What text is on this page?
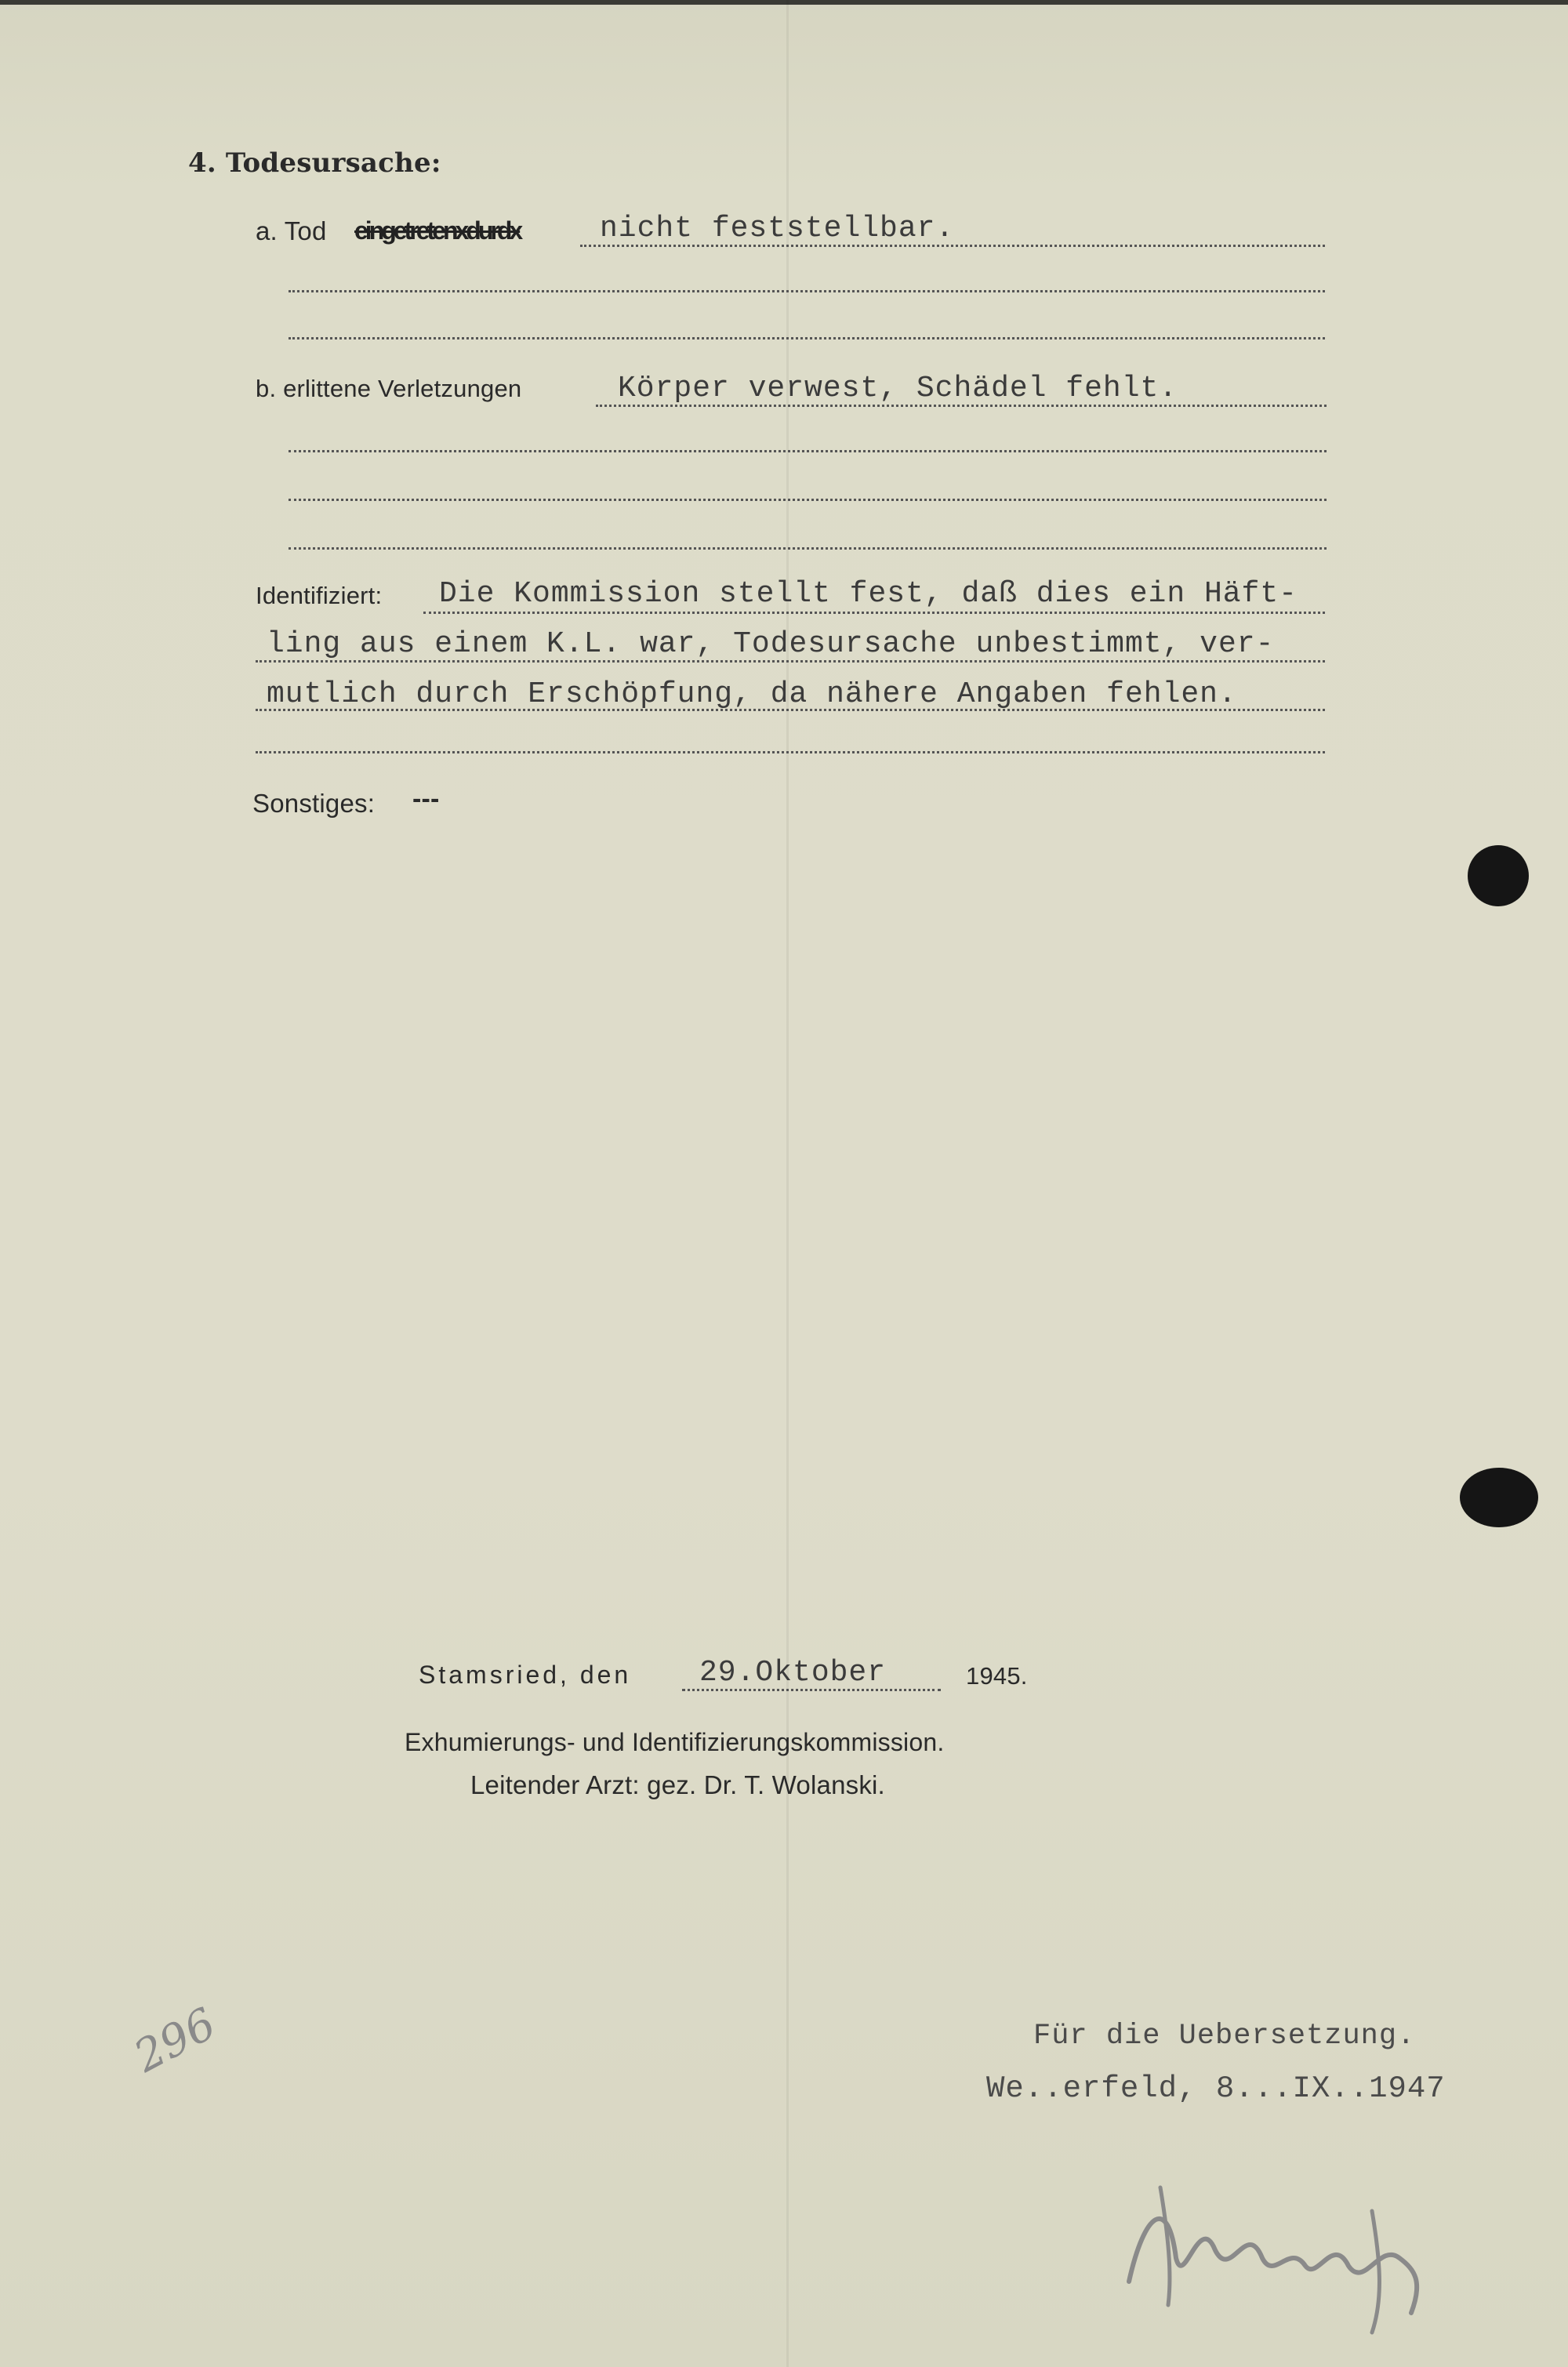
4. Todesursache:
a. Tod eingetretenxdurdx	nicht feststellbar.
b. erlittene Verletzungen	Körper verwest, Schädel fehlt.
Identifiziert: Die Kommission stellt fest, daß dies ein Häft-
ling aus einem K.L. war, Todesursache unbestimmt, ver-
mutlich durch Erschöpfung, da nähere Angaben fehlen.
Sonstiges: ---
Stamsried, den 29.Oktober	1945.
Exhumierungs- und Identifizierungskommission.
Leitender Arzt: gez. Dr. T. Wolanski.
Für die Uebersetzung.
We..erfeld, 8...IX..1947
296
